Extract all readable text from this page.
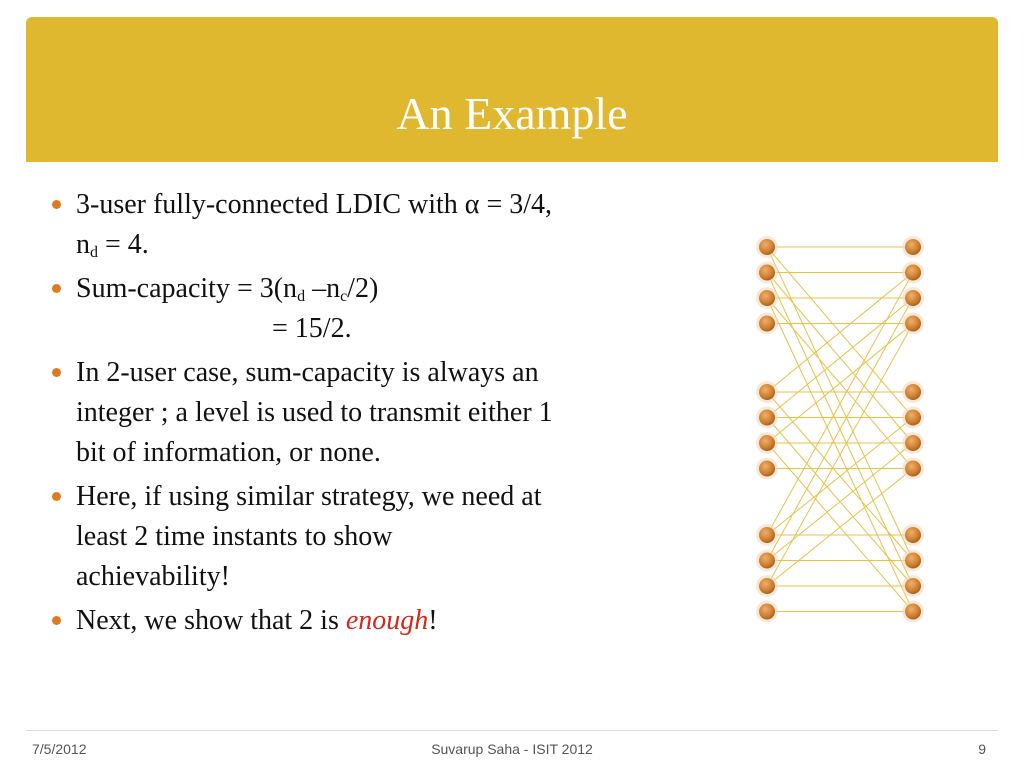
An Example
3-user fully-connected LDIC with α = 3/4,
$n_d = 4$.
Sum-capacity = $3(n_d$ $-n_c/2$)
= 15/2.
In 2-user case, sum-capacity is always an
integer ; a level is used to transmit either 1
bit of information, or none.
Here, if using similar strategy, we need at
least 2 time instants to show
achievability!
Next, we show that 2 is enough!
7/5/2012	Suvarup Saha - ISIT 2012	9
